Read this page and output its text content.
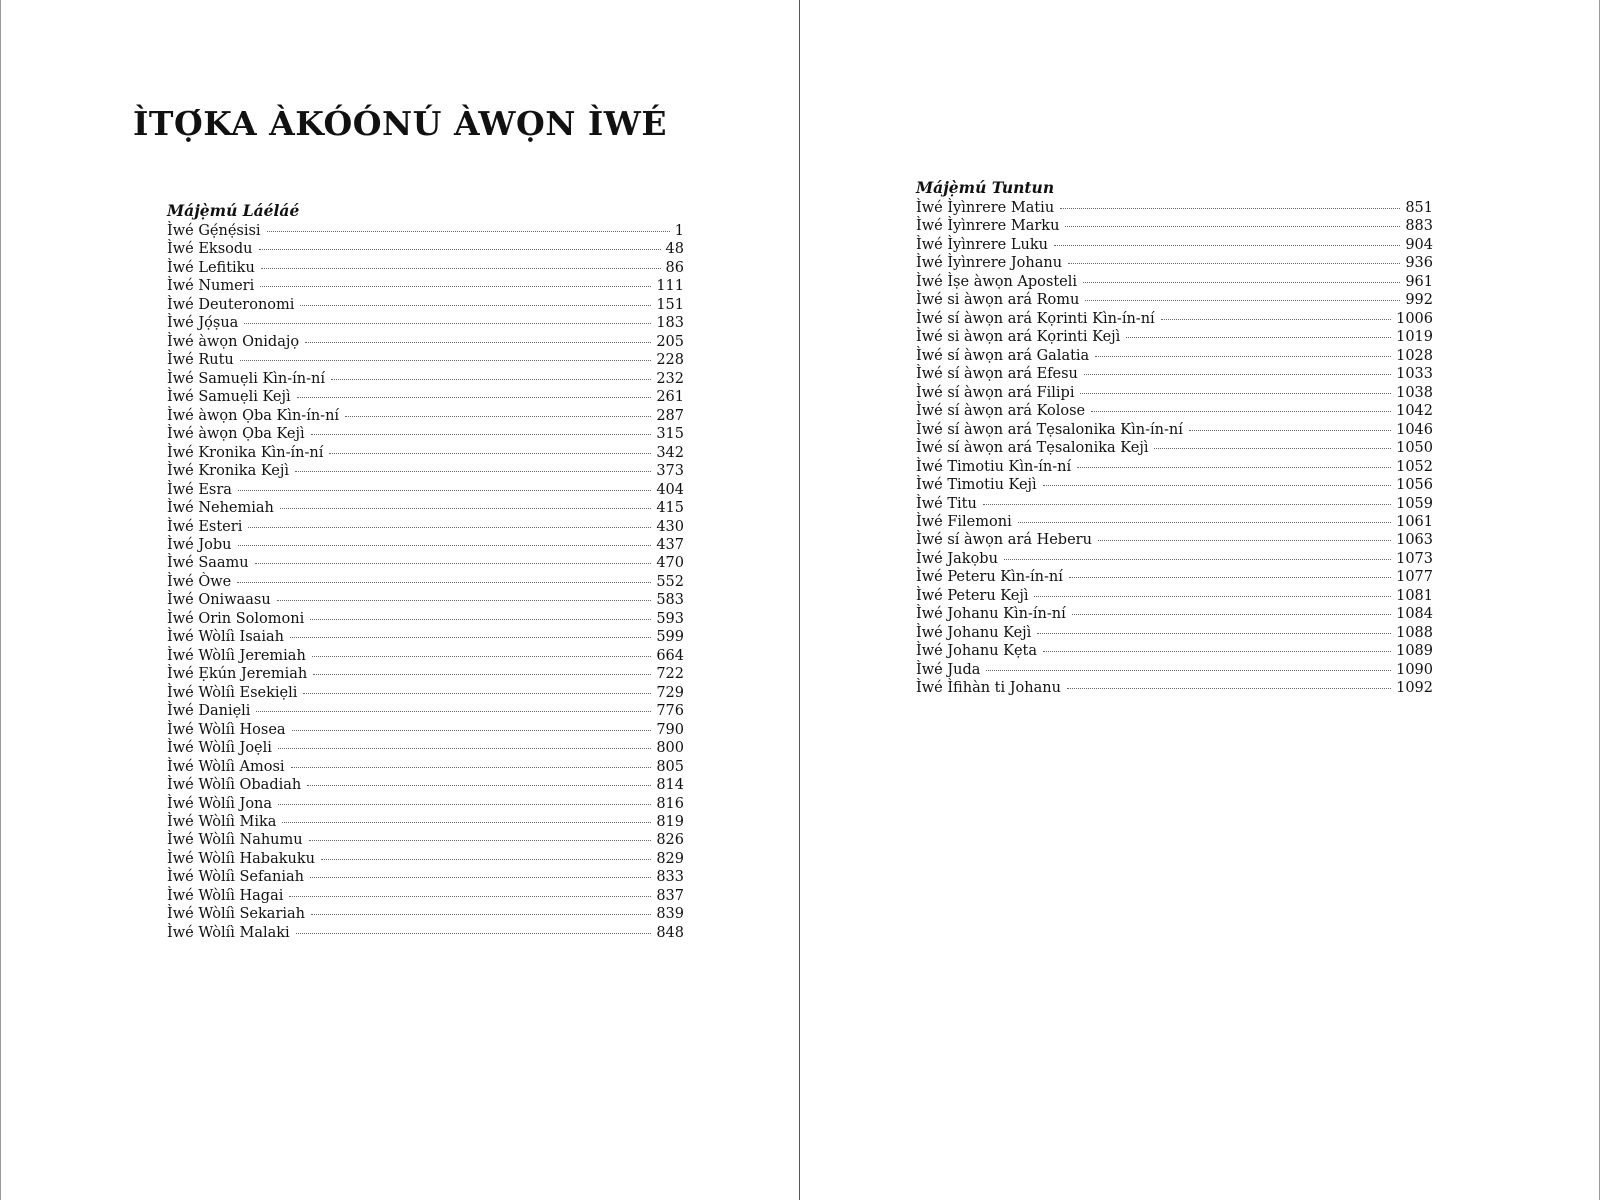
ÌTỌ́KA ÀKÓÓNÚ ÀWỌN ÌWÉ
Májẹ̀mú Láéláé
Ìwé Gẹ́nẹ́sisi	1
Ìwé Eksodu	48
Ìwé Lefitiku	86
Ìwé Numeri	111
Ìwé Deuteronomi	151
Ìwé Jọ́ṣua	183
Ìwé àwọn Onidajọ	205
Ìwé Rutu	228
Ìwé Samuẹli Kìn-ín-ní	232
Ìwé Samuẹli Kejì	261
Ìwé àwọn Ọba Kìn-ín-ní	287
Ìwé àwọn Ọba Kejì	315
Ìwé Kronika Kìn-ín-ní	342
Ìwé Kronika Kejì	373
Ìwé Esra	404
Ìwé Nehemiah	415
Ìwé Esteri	430
Ìwé Jobu	437
Ìwé Saamu	470
Ìwé Òwe	552
Ìwé Oniwaasu	583
Ìwé Orin Solomoni	593
Ìwé Wòlíì Isaiah	599
Ìwé Wòlíì Jeremiah	664
Ìwé Ẹkún Jeremiah	722
Ìwé Wòlíì Esekiẹli	729
Ìwé Daniẹli	776
Ìwé Wòlíì Hosea	790
Ìwé Wòlíì Joẹli	800
Ìwé Wòlíì Amosi	805
Ìwé Wòlíì Obadiah	814
Ìwé Wòlíì Jona	816
Ìwé Wòlíì Mika	819
Ìwé Wòlíì Nahumu	826
Ìwé Wòlíì Habakuku	829
Ìwé Wòlíì Sefaniah	833
Ìwé Wòlíì Hagai	837
Ìwé Wòlíì Sekariah	839
Ìwé Wòlíì Malaki	848
Májẹ̀mú Tuntun
Ìwé Ìyìnrere Matiu	851
Ìwé Ìyìnrere Marku	883
Ìwé Ìyìnrere Luku	904
Ìwé Ìyìnrere Johanu	936
Ìwé Ìṣe àwọn Aposteli	961
Ìwé si àwọn ará Romu	992
Ìwé sí àwọn ará Kọrinti Kìn-ín-ní	1006
Ìwé si àwọn ará Kọrinti Kejì	1019
Ìwé sí àwọn ará Galatia	1028
Ìwé sí àwọn ará Efesu	1033
Ìwé sí àwọn ará Filipi	1038
Ìwé sí àwọn ará Kolose	1042
Ìwé sí àwọn ará Tẹsalonika Kìn-ín-ní	1046
Ìwé sí àwọn ará Tẹsalonika Kejì	1050
Ìwé Timotiu Kìn-ín-ní	1052
Ìwé Timotiu Kejì	1056
Ìwé Titu	1059
Ìwé Filemoni	1061
Ìwé sí àwọn ará Heberu	1063
Ìwé Jakọbu	1073
Ìwé Peteru Kìn-ín-ní	1077
Ìwé Peteru Kejì	1081
Ìwé Johanu Kìn-ín-ní	1084
Ìwé Johanu Kejì	1088
Ìwé Johanu Kẹta	1089
Ìwé Juda	1090
Ìwé Ìfihàn ti Johanu	1092
